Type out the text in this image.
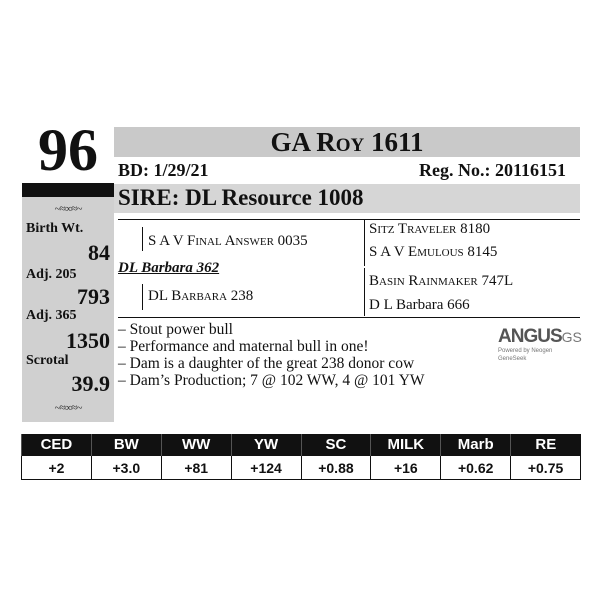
96	GA Roy 1611
BD: 1/29/21	Reg. No.: 20116151
SIRE: DL Resource 1008
~≈∞≈~
Birth Wt.
84
Adj. 205
793
Adj. 365
1350
Scrotal
39.9
~≈∞≈~
S A V Final Answer 0035
DL Barbara 362
DL Barbara 238
Sitz Traveler 8180
S A V Emulous 8145
Basin Rainmaker 747L
D L Barbara 666
– Stout power bull
– Performance and maternal bull in one!
– Dam is a daughter of the great 238 donor cow
– Dam’s Production; 7 @ 102 WW, 4 @ 101 YW
ANGUSGS
Powered by Neogen GeneSeek
CED	BW	WW	YW	SC	MILK	Marb	RE
+2	+3.0	+81	+124	+0.88	+16	+0.62	+0.75
